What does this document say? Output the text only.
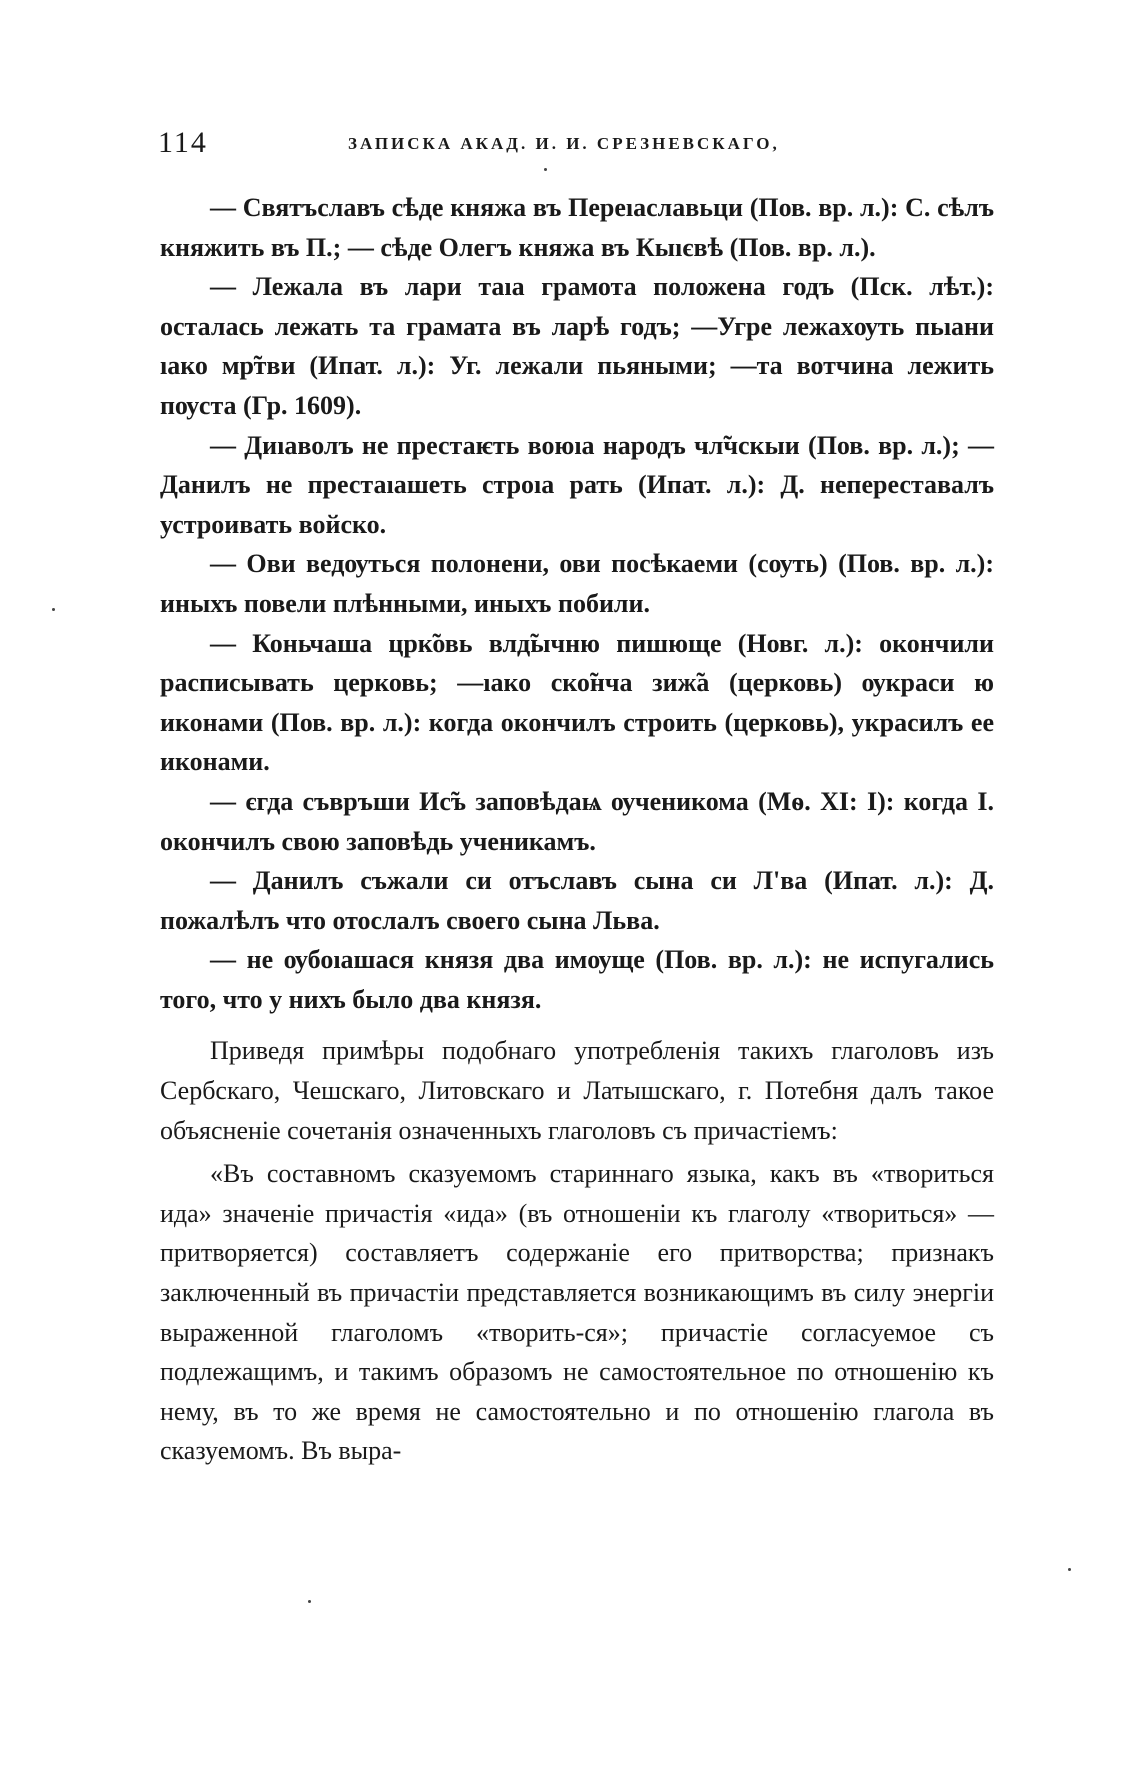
114	ЗАПИСКА АКАД. И. И. СРЕЗНЕВСКАГО,

— Святъславъ сѣде княжа въ Переıаславьци (Пов. вр. л.): С. сѣлъ княжить въ П.; — сѣде Олегъ княжа въ Кыıєвѣ (Пов. вр. л.).

— Лежала въ лари таıа грамота положена годъ (Пск. лѣт.): осталась лежать та грамата въ ларѣ годъ; —Угре лежахѹть пьıани ıако мр̃тви (Ипат. л.): Уг. лежали пьяными; —та вотчина лежить пѹста (Гр. 1609).

— Диıаволъ не престаѥть воюıа народъ чл̃чскыи (Пов. вр. л.); — Данилъ не престаıашеть строıа рать (Ипат. л.): Д. непереставалъ устроивать войско.

— Ови ведѹться полонени, ови посѣкаеми (сѹть) (Пов. вр. л.): иныхъ повели плѣнными, иныхъ побили.

— Коньчаша црк̃овь влд̃ычню пишюще (Новг. л.): окончили расписывать церковь; —ıако ско̃нча зиж̃а (церковь) ѹкраси ю иконами (Пов. вр. л.): когда окончилъ строить (церковь), украсилъ ее иконами.

— єгда съвръши Ис̃ъ заповѣдаѩ ѹченикома (Мѳ. XI: I): когда І. окончилъ свою заповѣдь ученикамъ.

— Данилъ съжали си отъславъ сына си Л'ва (Ипат. л.): Д. пожалѣлъ что отослалъ своего сына Льва.

— не ѹбоıашася князя два имѹще (Пов. вр. л.): не испугались того, что у нихъ было два князя.

Приведя примѣры подобнаго употребленія такихъ глаголовъ изъ Сербскаго, Чешскаго, Литовскаго и Латышскаго, г. Потебня далъ такое объясненіе сочетанія означенныхъ глаголовъ съ причастіемъ:

«Въ составномъ сказуемомъ стариннаго языка, какъ въ «твориться ида» значеніе причастія «ида» (въ отношеніи къ глаголу «твориться» — притворяется) составляетъ содержаніе его притворства; признакъ заключенный въ причастіи представляется возникающимъ въ силу энергіи выраженной глаголомъ «творить-ся»; причастіе согласуемое съ подлежащимъ, и такимъ образомъ не самостоятельное по отношенію къ нему, въ то же время не самостоятельно и по отношенію глагола въ сказуемомъ. Въ выра-
